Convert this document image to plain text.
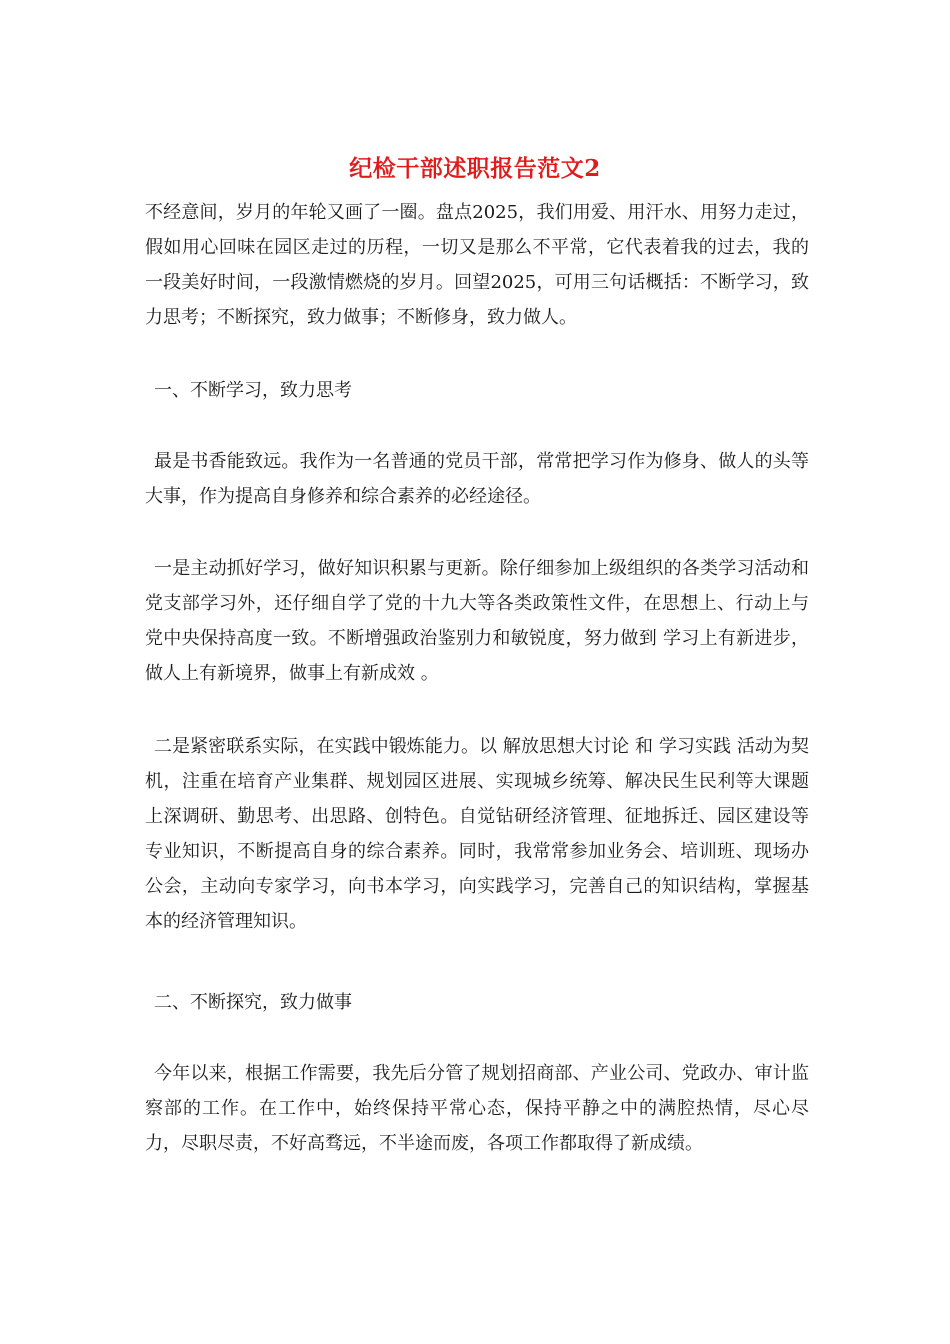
纪检干部述职报告范文2

不经意间，岁月的年轮又画了一圈。盘点2025，我们用爱、用汗水、用努力走过，假如用心回味在园区走过的历程，一切又是那么不平常，它代表着我的过去，我的一段美好时间，一段激情燃烧的岁月。回望2025，可用三句话概括：不断学习，致力思考；不断探究，致力做事；不断修身，致力做人。

一、不断学习，致力思考

最是书香能致远。我作为一名普通的党员干部，常常把学习作为修身、做人的头等大事，作为提高自身修养和综合素养的必经途径。

一是主动抓好学习，做好知识积累与更新。除仔细参加上级组织的各类学习活动和党支部学习外，还仔细自学了党的十九大等各类政策性文件，在思想上、行动上与党中央保持高度一致。不断增强政治鉴别力和敏锐度，努力做到 学习上有新进步，做人上有新境界，做事上有新成效 。

二是紧密联系实际，在实践中锻炼能力。以 解放思想大讨论 和 学习实践 活动为契机，注重在培育产业集群、规划园区进展、实现城乡统筹、解决民生民利等大课题上深调研、勤思考、出思路、创特色。自觉钻研经济管理、征地拆迁、园区建设等专业知识，不断提高自身的综合素养。同时，我常常参加业务会、培训班、现场办公会，主动向专家学习，向书本学习，向实践学习，完善自己的知识结构，掌握基本的经济管理知识。

二、不断探究，致力做事

今年以来，根据工作需要，我先后分管了规划招商部、产业公司、党政办、审计监察部的工作。在工作中，始终保持平常心态，保持平静之中的满腔热情，尽心尽力，尽职尽责，不好高骛远，不半途而废，各项工作都取得了新成绩。
